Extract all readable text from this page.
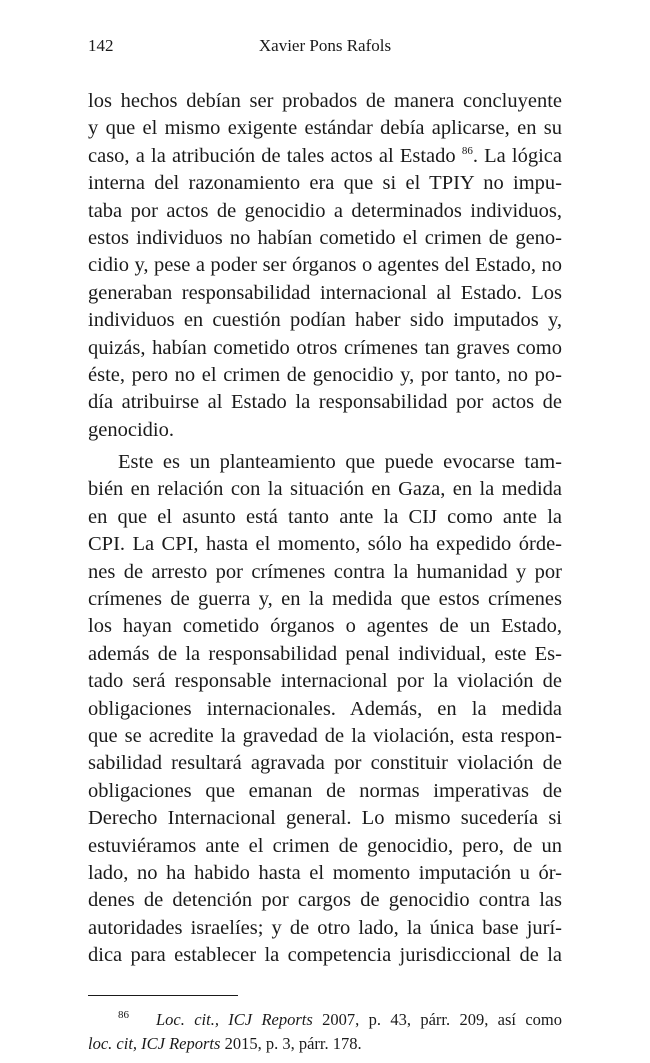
142	Xavier Pons Rafols
los hechos debían ser probados de manera concluyente
y que el mismo exigente estándar debía aplicarse, en su
caso, a la atribución de tales actos al Estado $^{86}$. La lógica
interna del razonamiento era que si el TPIY no impu-
taba por actos de genocidio a determinados individuos,
estos individuos no habían cometido el crimen de geno-
cidio y, pese a poder ser órganos o agentes del Estado, no
generaban responsabilidad internacional al Estado. Los
individuos en cuestión podían haber sido imputados y,
quizás, habían cometido otros crímenes tan graves como
éste, pero no el crimen de genocidio y, por tanto, no po-
día atribuirse al Estado la responsabilidad por actos de
genocidio.
Este es un planteamiento que puede evocarse tam-
bién en relación con la situación en Gaza, en la medida
en que el asunto está tanto ante la CIJ como ante la
CPI. La CPI, hasta el momento, sólo ha expedido órde-
nes de arresto por crímenes contra la humanidad y por
crímenes de guerra y, en la medida que estos crímenes
los hayan cometido órganos o agentes de un Estado,
además de la responsabilidad penal individual, este Es-
tado será responsable internacional por la violación de
obligaciones internacionales. Además, en la medida
que se acredite la gravedad de la violación, esta respon-
sabilidad resultará agravada por constituir violación de
obligaciones que emanan de normas imperativas de
Derecho Internacional general. Lo mismo sucedería si
estuviéramos ante el crimen de genocidio, pero, de un
lado, no ha habido hasta el momento imputación u ór-
denes de detención por cargos de genocidio contra las
autoridades israelíes; y de otro lado, la única base jurí-
dica para establecer la competencia jurisdiccional de la
86 Loc. cit., ICJ Reports 2007, p. 43, párr. 209, así como
loc. cit, ICJ Reports 2015, p. 3, párr. 178.
